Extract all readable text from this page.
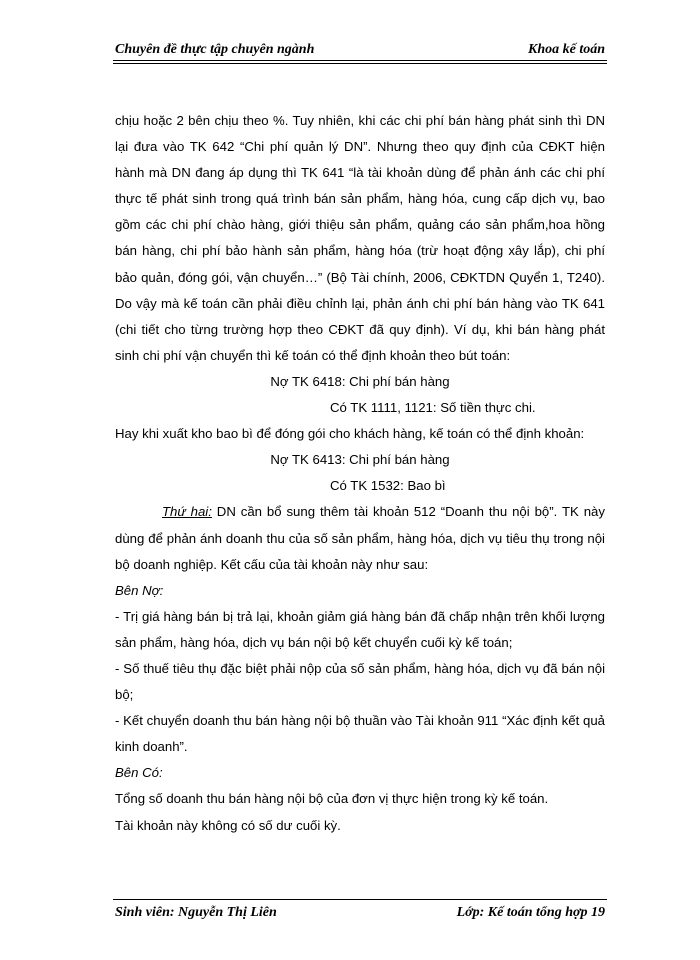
Chuyên đề thực tập chuyên ngành	Khoa kế toán

chịu hoặc 2 bên chịu theo %. Tuy nhiên, khi các chi phí bán hàng phát sinh thì DN lại đưa vào TK 642 “Chi phí quản lý DN”. Nhưng theo quy định của CĐKT hiện hành mà DN đang áp dụng thì TK 641 “là tài khoản dùng để phản ánh các chi phí thực tế phát sinh trong quá trình bán sản phẩm, hàng hóa, cung cấp dịch vụ, bao gồm các chi phí chào hàng, giới thiệu sản phẩm, quảng cáo sản phẩm,hoa hồng bán hàng, chi phí bảo hành sản phẩm, hàng hóa (trừ hoạt động xây lắp), chi phí bảo quản, đóng gói, vận chuyển…” (Bộ Tài chính, 2006, CĐKTDN Quyển 1, T240). Do vậy mà kế toán cần phải điều chỉnh lại, phản ánh chi phí bán hàng vào TK 641 (chi tiết cho từng trường hợp theo CĐKT đã quy định). Ví dụ, khi bán hàng phát sinh chi phí vận chuyển thì kế toán có thể định khoản theo bút toán:

Nợ TK 6418: Chi phí bán hàng

Có TK 1111, 1121: Số tiền thực chi.

Hay khi xuất kho bao bì để đóng gói cho khách hàng, kế toán có thể định khoản:

Nợ TK 6413: Chi phí bán hàng

Có TK 1532: Bao bì

Thứ hai: DN cần bổ sung thêm tài khoản 512 “Doanh thu nội bộ”. TK này dùng để phản ánh doanh thu của số sản phẩm, hàng hóa, dịch vụ tiêu thụ trong nội bộ doanh nghiệp. Kết cấu của tài khoản này như sau:

Bên Nợ:

- Trị giá hàng bán bị trả lại, khoản giảm giá hàng bán đã chấp nhận trên khối lượng sản phẩm, hàng hóa, dịch vụ bán nội bộ kết chuyển cuối kỳ kế toán;

- Số thuế tiêu thụ đặc biệt phải nộp của số sản phẩm, hàng hóa, dịch vụ đã bán nội bộ;

- Kết chuyển doanh thu bán hàng nội bộ thuần vào Tài khoản 911 “Xác định kết quả kinh doanh”.

Bên Có:

Tổng số doanh thu bán hàng nội bộ của đơn vị thực hiện trong kỳ kế toán.

Tài khoản này không có số dư cuối kỳ.

Sinh viên: Nguyễn Thị Liên	Lớp: Kế toán tổng hợp 19
